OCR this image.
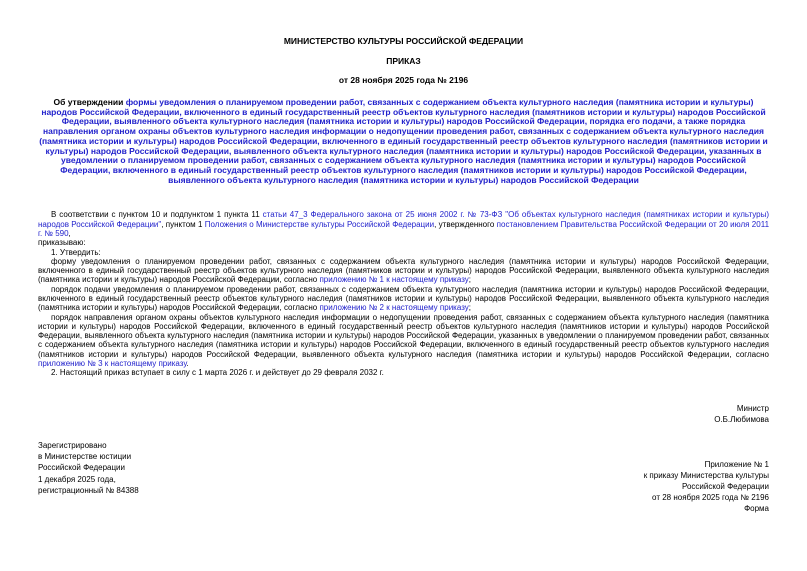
МИНИСТЕРСТВО КУЛЬТУРЫ РОССИЙСКОЙ ФЕДЕРАЦИИ
ПРИКАЗ
от 28 ноября 2025 года № 2196
Об утверждении формы уведомления о планируемом проведении работ, связанных с содержанием объекта культурного наследия (памятника истории и культуры) народов Российской Федерации, включенного в единый государственный реестр объектов культурного наследия (памятников истории и культуры) народов Российской Федерации, выявленного объекта культурного наследия (памятника истории и культуры) народов Российской Федерации, порядка его подачи, а также порядка направления органом охраны объектов культурного наследия информации о недопущении проведения работ, связанных с содержанием объекта культурного наследия (памятника истории и культуры) народов Российской Федерации, включенного в единый государственный реестр объектов культурного наследия (памятников истории и культуры) народов Российской Федерации, выявленного объекта культурного наследия (памятника истории и культуры) народов Российской Федерации, указанных в уведомлении о планируемом проведении работ, связанных с содержанием объекта культурного наследия (памятника истории и культуры) народов Российской Федерации, включенного в единый государственный реестр объектов культурного наследия (памятников истории и культуры) народов Российской Федерации, выявленного объекта культурного наследия (памятника истории и культуры) народов Российской Федерации

В соответствии с пунктом 10 и подпунктом 1 пункта 11 статьи 47_3 Федерального закона от 25 июня 2002 г. № 73-ФЗ "Об объектах культурного наследия (памятниках истории и культуры) народов Российской Федерации", пунктом 1 Положения о Министерстве культуры Российской Федерации, утвержденного постановлением Правительства Российской Федерации от 20 июля 2011 г. № 590,

приказываю:

1. Утвердить:

форму уведомления о планируемом проведении работ, связанных с содержанием объекта культурного наследия (памятника истории и культуры) народов Российской Федерации, включенного в единый государственный реестр объектов культурного наследия (памятников истории и культуры) народов Российской Федерации, выявленного объекта культурного наследия (памятника истории и культуры) народов Российской Федерации, согласно приложению № 1 к настоящему приказу;

порядок подачи уведомления о планируемом проведении работ, связанных с содержанием объекта культурного наследия (памятника истории и культуры) народов Российской Федерации, включенного в единый государственный реестр объектов культурного наследия (памятников истории и культуры) народов Российской Федерации, выявленного объекта культурного наследия (памятника истории и культуры) народов Российской Федерации, согласно приложению № 2 к настоящему приказу;

порядок направления органом охраны объектов культурного наследия информации о недопущении проведения работ, связанных с содержанием объекта культурного наследия (памятника истории и культуры) народов Российской Федерации, включенного в единый государственный реестр объектов культурного наследия (памятников истории и культуры) народов Российской Федерации, выявленного объекта культурного наследия (памятника истории и культуры) народов Российской Федерации, указанных в уведомлении о планируемом проведении работ, связанных с содержанием объекта культурного наследия (памятника истории и культуры) народов Российской Федерации, включенного в единый государственный реестр объектов культурного наследия (памятников истории и культуры) народов Российской Федерации, выявленного объекта культурного наследия (памятника истории и культуры) народов Российской Федерации, согласно приложению № 3 к настоящему приказу.

2. Настоящий приказ вступает в силу с 1 марта 2026 г. и действует до 29 февраля 2032 г.

Министр
О.Б.Любимова
Зарегистрировано
в Министерстве юстиции
Российской Федерации
1 декабря 2025 года,
регистрационный № 84388
Приложение № 1
к приказу Министерства культуры
Российской Федерации
от 28 ноября 2025 года № 2196
Форма
